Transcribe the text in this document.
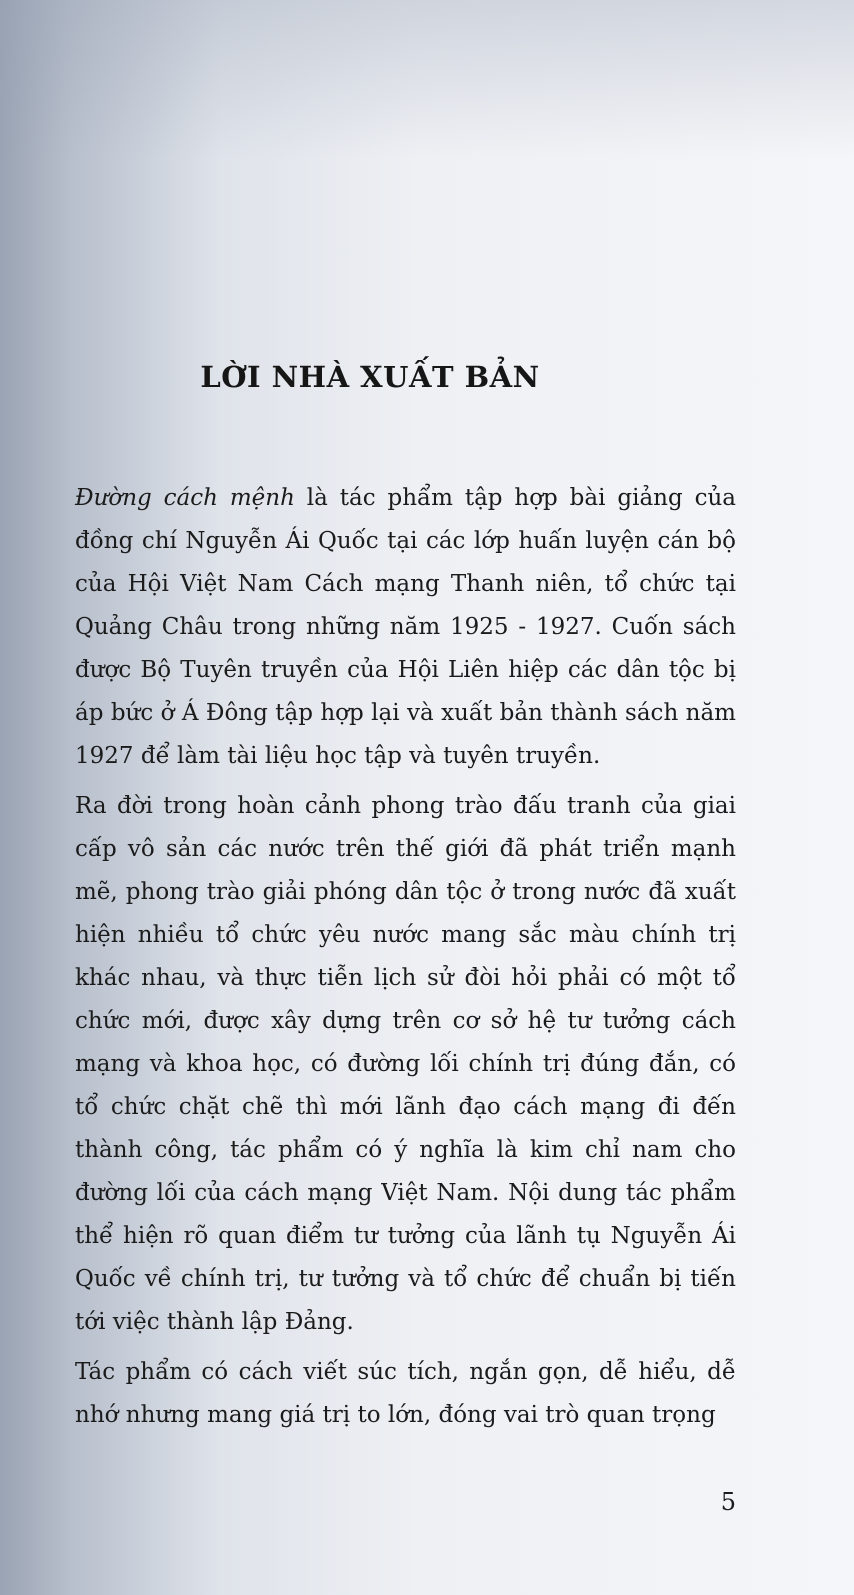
LỜI NHÀ XUẤT BẢN

Đường cách mệnh là tác phẩm tập hợp bài giảng của đồng chí Nguyễn Ái Quốc tại các lớp huấn luyện cán bộ của Hội Việt Nam Cách mạng Thanh niên, tổ chức tại Quảng Châu trong những năm 1925 - 1927. Cuốn sách được Bộ Tuyên truyền của Hội Liên hiệp các dân tộc bị áp bức ở Á Đông tập hợp lại và xuất bản thành sách năm 1927 để làm tài liệu học tập và tuyên truyền.

Ra đời trong hoàn cảnh phong trào đấu tranh của giai cấp vô sản các nước trên thế giới đã phát triển mạnh mẽ, phong trào giải phóng dân tộc ở trong nước đã xuất hiện nhiều tổ chức yêu nước mang sắc màu chính trị khác nhau, và thực tiễn lịch sử đòi hỏi phải có một tổ chức mới, được xây dựng trên cơ sở hệ tư tưởng cách mạng và khoa học, có đường lối chính trị đúng đắn, có tổ chức chặt chẽ thì mới lãnh đạo cách mạng đi đến thành công, tác phẩm có ý nghĩa là kim chỉ nam cho đường lối của cách mạng Việt Nam. Nội dung tác phẩm thể hiện rõ quan điểm tư tưởng của lãnh tụ Nguyễn Ái Quốc về chính trị, tư tưởng và tổ chức để chuẩn bị tiến tới việc thành lập Đảng.

Tác phẩm có cách viết súc tích, ngắn gọn, dễ hiểu, dễ nhớ nhưng mang giá trị to lớn, đóng vai trò quan trọng

5
